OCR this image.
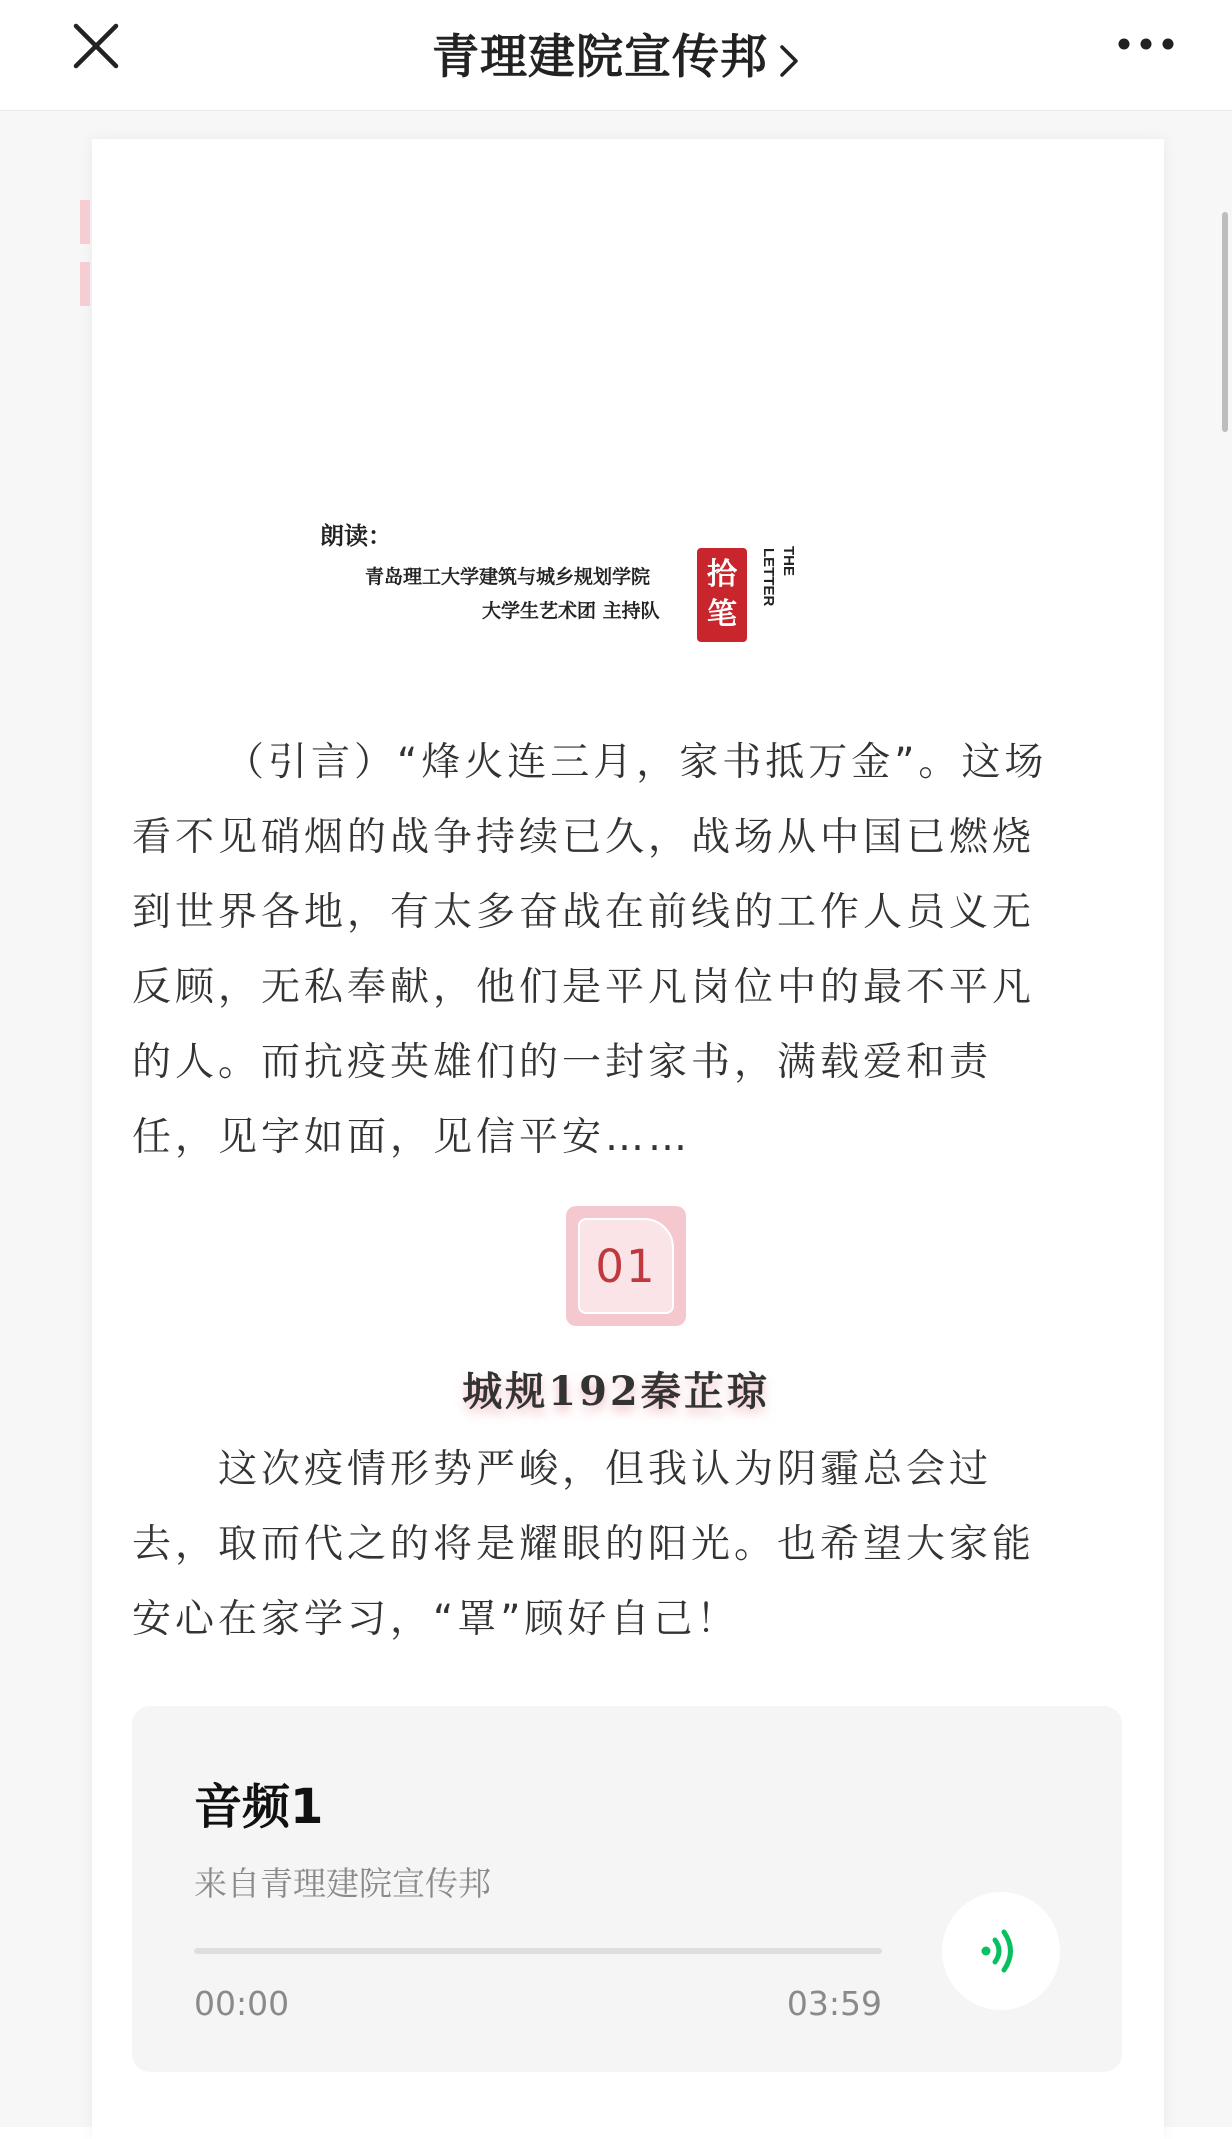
青理建院宣传邦
朗读：
青岛理工大学建筑与城乡规划学院
大学生艺术团 主持队
拾
笔
THE
LETTER
（引言）“烽火连三月，家书抵万金”。这场
看不见硝烟的战争持续已久，战场从中国已燃烧
到世界各地，有太多奋战在前线的工作人员义无
反顾，无私奉献，他们是平凡岗位中的最不平凡
的人。而抗疫英雄们的一封家书，满载爱和责
任，见字如面，见信平安……
01
城规192秦芷琼
这次疫情形势严峻，但我认为阴霾总会过
去，取而代之的将是耀眼的阳光。也希望大家能
安心在家学习，“罩”顾好自己！
音频1
来自青理建院宣传邦
00:00	03:59
